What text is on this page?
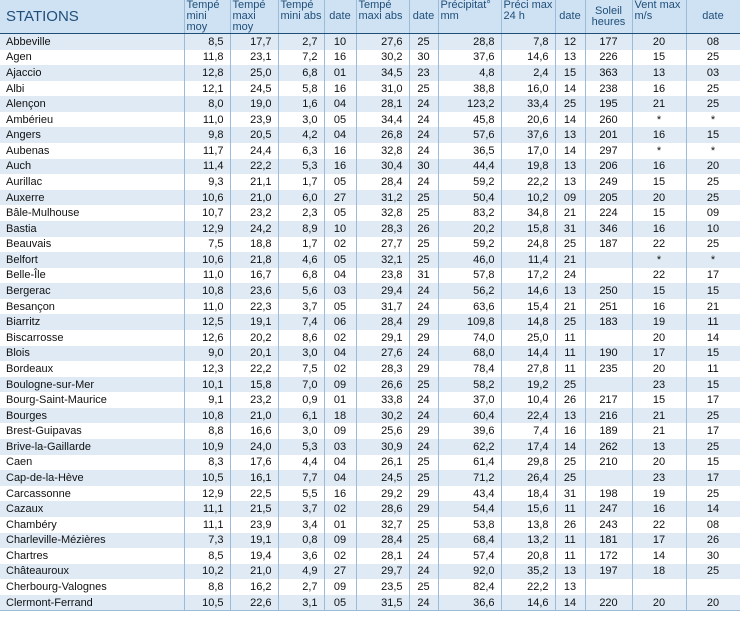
STATIONS	Tempé mini moy	Tempé maxi moy	Tempé mini abs	date	Tempé maxi abs	date	Précipitat° mm	Préci max 24 h	date	Soleil heures	Vent max m/s	date
Abbeville	8,5	17,7	2,7	10	27,6	25	28,8	7,8	12	177	20	08
Agen	11,8	23,1	7,2	16	30,2	30	37,6	14,6	13	226	15	25
Ajaccio	12,8	25,0	6,8	01	34,5	23	4,8	2,4	15	363	13	03
Albi	12,1	24,5	5,8	16	31,0	25	38,8	16,0	14	238	16	25
Alençon	8,0	19,0	1,6	04	28,1	24	123,2	33,4	25	195	21	25
Ambérieu	11,0	23,9	3,0	05	34,4	24	45,8	20,6	14	260	*	*
Angers	9,8	20,5	4,2	04	26,8	24	57,6	37,6	13	201	16	15
Aubenas	11,7	24,4	6,3	16	32,8	24	36,5	17,0	14	297	*	*
Auch	11,4	22,2	5,3	16	30,4	30	44,4	19,8	13	206	16	20
Aurillac	9,3	21,1	1,7	05	28,4	24	59,2	22,2	13	249	15	25
Auxerre	10,6	21,0	6,0	27	31,2	25	50,4	10,2	09	205	20	25
Bâle-Mulhouse	10,7	23,2	2,3	05	32,8	25	83,2	34,8	21	224	15	09
Bastia	12,9	24,2	8,9	10	28,3	26	20,2	15,8	31	346	16	10
Beauvais	7,5	18,8	1,7	02	27,7	25	59,2	24,8	25	187	22	25
Belfort	10,6	21,8	4,6	05	32,1	25	46,0	11,4	21		*	*
Belle-Île	11,0	16,7	6,8	04	23,8	31	57,8	17,2	24		22	17
Bergerac	10,8	23,6	5,6	03	29,4	24	56,2	14,6	13	250	15	15
Besançon	11,0	22,3	3,7	05	31,7	24	63,6	15,4	21	251	16	21
Biarritz	12,5	19,1	7,4	06	28,4	29	109,8	14,8	25	183	19	11
Biscarrosse	12,6	20,2	8,6	02	29,1	29	74,0	25,0	11		20	14
Blois	9,0	20,1	3,0	04	27,6	24	68,0	14,4	11	190	17	15
Bordeaux	12,3	22,2	7,5	02	28,3	29	78,4	27,8	11	235	20	11
Boulogne-sur-Mer	10,1	15,8	7,0	09	26,6	25	58,2	19,2	25		23	15
Bourg-Saint-Maurice	9,1	23,2	0,9	01	33,8	24	37,0	10,4	26	217	15	17
Bourges	10,8	21,0	6,1	18	30,2	24	60,4	22,4	13	216	21	25
Brest-Guipavas	8,8	16,6	3,0	09	25,6	29	39,6	7,4	16	189	21	17
Brive-la-Gaillarde	10,9	24,0	5,3	03	30,9	24	62,2	17,4	14	262	13	25
Caen	8,3	17,6	4,4	04	26,1	25	61,4	29,8	25	210	20	15
Cap-de-la-Hève	10,5	16,1	7,7	04	24,5	25	71,2	26,4	25		23	17
Carcassonne	12,9	22,5	5,5	16	29,2	29	43,4	18,4	31	198	19	25
Cazaux	11,1	21,5	3,7	02	28,6	29	54,4	15,6	11	247	16	14
Chambéry	11,1	23,9	3,4	01	32,7	25	53,8	13,8	26	243	22	08
Charleville-Mézières	7,3	19,1	0,8	09	28,4	25	68,4	13,2	11	181	17	26
Chartres	8,5	19,4	3,6	02	28,1	24	57,4	20,8	11	172	14	30
Châteauroux	10,2	21,0	4,9	27	29,7	24	92,0	35,2	13	197	18	25
Cherbourg-Valognes	8,8	16,2	2,7	09	23,5	25	82,4	22,2	13			
Clermont-Ferrand	10,5	22,6	3,1	05	31,5	24	36,6	14,6	14	220	20	20
